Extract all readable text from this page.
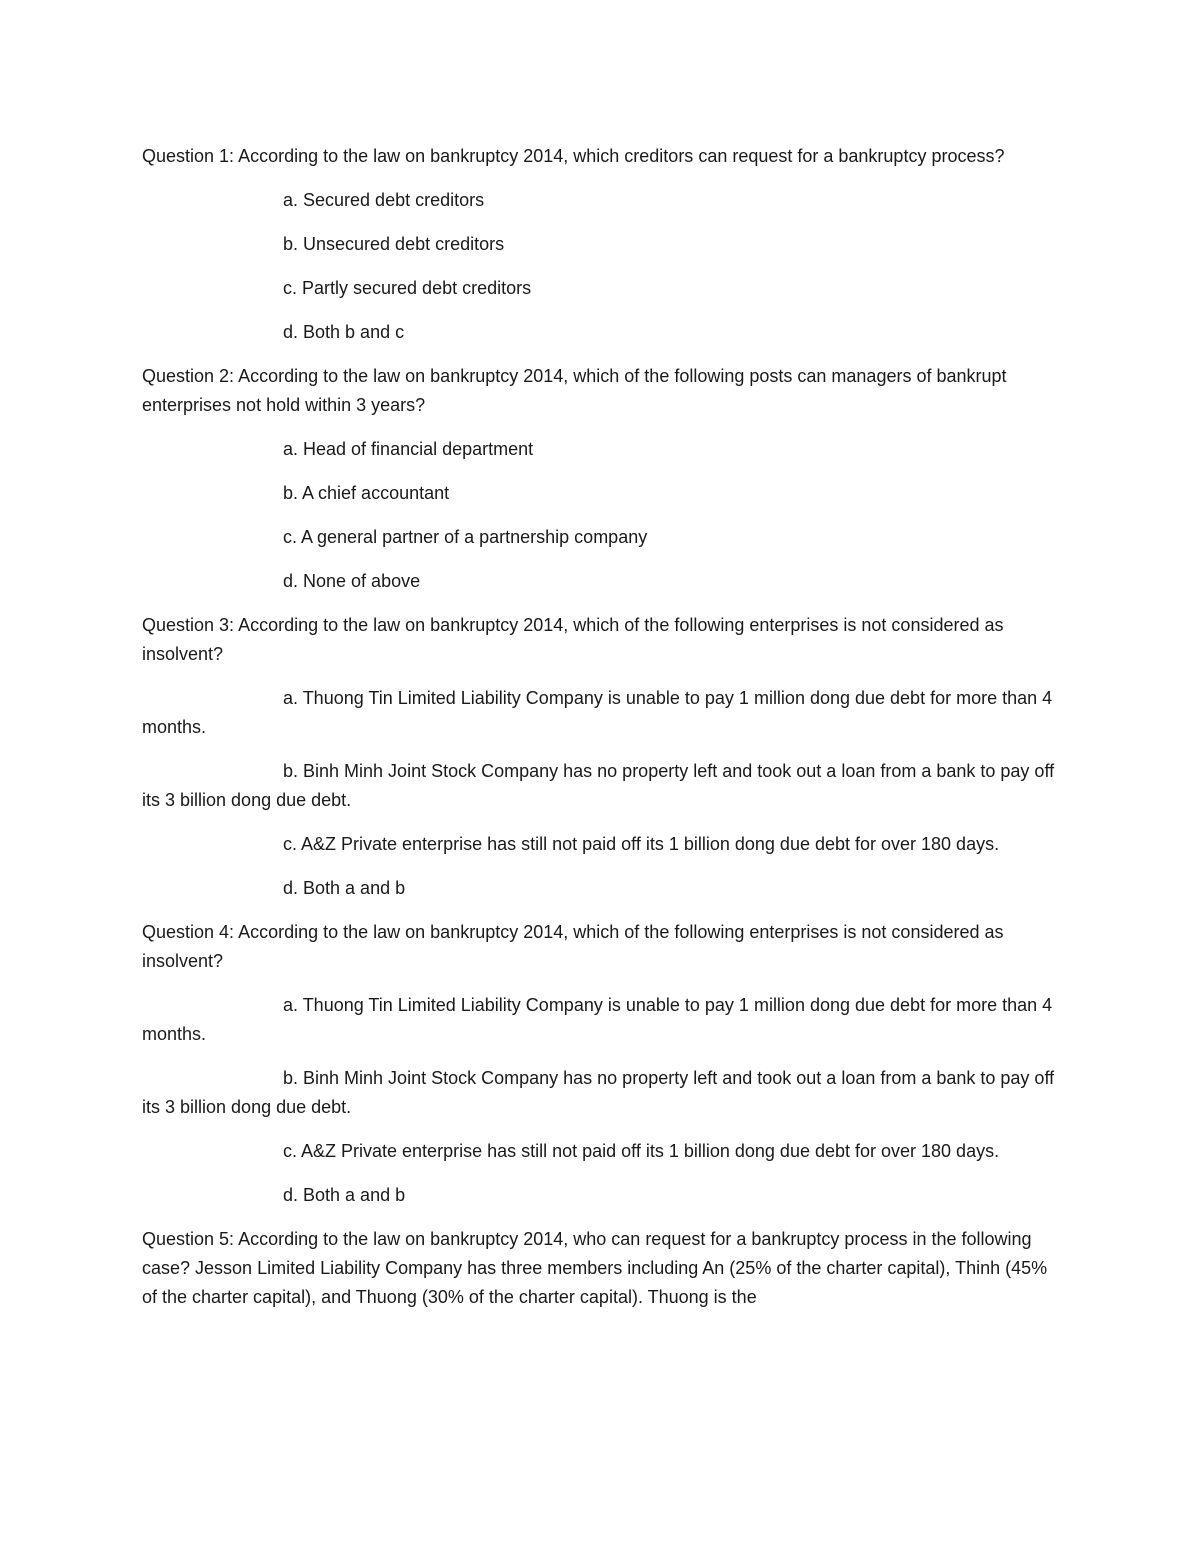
Question 1: According to the law on bankruptcy 2014, which creditors can request for a bankruptcy process?

a. Secured debt creditors

b. Unsecured debt creditors

c. Partly secured debt creditors

d. Both b and c

Question 2: According to the law on bankruptcy 2014, which of the following posts can managers of bankrupt enterprises not hold within 3 years?

a. Head of financial department

b. A chief accountant

c. A general partner of a partnership company

d. None of above

Question 3: According to the law on bankruptcy 2014, which of the following enterprises is not considered as insolvent?

a. Thuong Tin Limited Liability Company is unable to pay 1 million dong due debt for more than 4 months.

b. Binh Minh Joint Stock Company has no property left and took out a loan from a bank to pay off its 3 billion dong due debt.

c. A&Z Private enterprise has still not paid off its 1 billion dong due debt for over 180 days.

d. Both a and b

Question 4: According to the law on bankruptcy 2014, which of the following enterprises is not considered as insolvent?

a. Thuong Tin Limited Liability Company is unable to pay 1 million dong due debt for more than 4 months.

b. Binh Minh Joint Stock Company has no property left and took out a loan from a bank to pay off its 3 billion dong due debt.

c. A&Z Private enterprise has still not paid off its 1 billion dong due debt for over 180 days.

d. Both a and b

Question 5: According to the law on bankruptcy 2014, who can request for a bankruptcy process in the following case? Jesson Limited Liability Company has three members including An (25% of the charter capital), Thinh (45% of the charter capital), and Thuong (30% of the charter capital). Thuong is the
